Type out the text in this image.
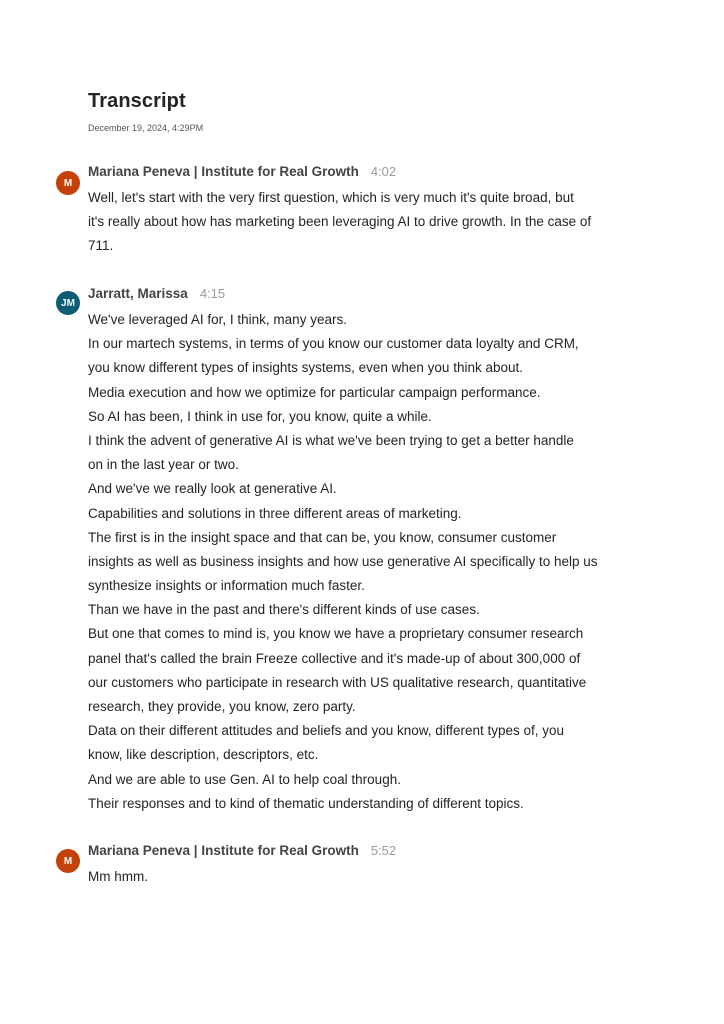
Transcript
December 19, 2024, 4:29PM
M
Mariana Peneva | Institute for Real Growth 4:02
Well, let's start with the very first question, which is very much it's quite broad, but
it's really about how has marketing been leveraging AI to drive growth. In the case of
711.
JM
Jarratt, Marissa 4:15
We've leveraged AI for, I think, many years.
In our martech systems, in terms of you know our customer data loyalty and CRM,
you know different types of insights systems, even when you think about.
Media execution and how we optimize for particular campaign performance.
So AI has been, I think in use for, you know, quite a while.
I think the advent of generative AI is what we've been trying to get a better handle
on in the last year or two.
And we've we really look at generative AI.
Capabilities and solutions in three different areas of marketing.
The first is in the insight space and that can be, you know, consumer customer
insights as well as business insights and how use generative AI specifically to help us
synthesize insights or information much faster.
Than we have in the past and there's different kinds of use cases.
But one that comes to mind is, you know we have a proprietary consumer research
panel that's called the brain Freeze collective and it's made-up of about 300,000 of
our customers who participate in research with US qualitative research, quantitative
research, they provide, you know, zero party.
Data on their different attitudes and beliefs and you know, different types of, you
know, like description, descriptors, etc.
And we are able to use Gen. AI to help coal through.
Their responses and to kind of thematic understanding of different topics.
M
Mariana Peneva | Institute for Real Growth 5:52
Mm hmm.
